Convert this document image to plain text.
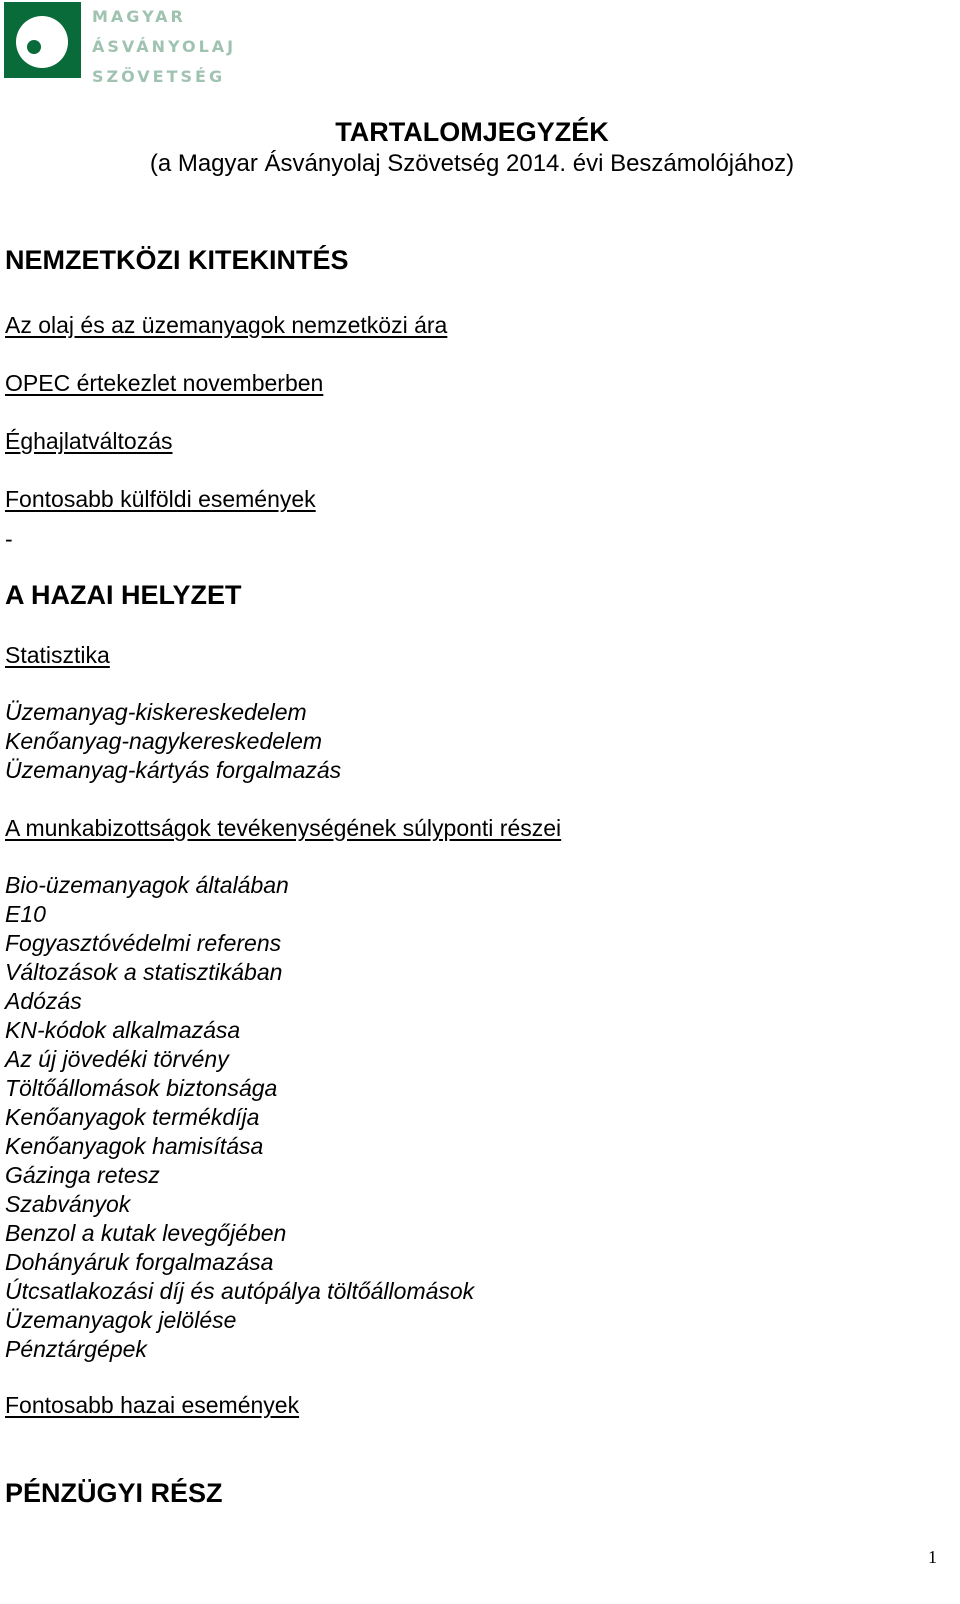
MAGYAR
ÁSVÁNYOLAJ
SZÖVETSÉG
TARTALOMJEGYZÉK

(a Magyar Ásványolaj Szövetség 2014. évi Beszámolójához)

NEMZETKÖZI KITEKINTÉS
Az olaj és az üzemanyagok nemzetközi ára
OPEC értekezlet novemberben
Éghajlatváltozás
Fontosabb külföldi események
-
A HAZAI HELYZET
Statisztika
Üzemanyag-kiskereskedelem
Kenőanyag-nagykereskedelem
Üzemanyag-kártyás forgalmazás
A munkabizottságok tevékenységének súlyponti részei
Bio-üzemanyagok általában
E10
Fogyasztóvédelmi referens
Változások a statisztikában
Adózás
KN-kódok alkalmazása
Az új jövedéki törvény
Töltőállomások biztonsága
Kenőanyagok termékdíja
Kenőanyagok hamisítása
Gázinga retesz
Szabványok
Benzol a kutak levegőjében
Dohányáruk forgalmazása
Útcsatlakozási díj és autópálya töltőállomások
Üzemanyagok jelölése
Pénztárgépek
Fontosabb hazai események
PÉNZÜGYI RÉSZ
1
